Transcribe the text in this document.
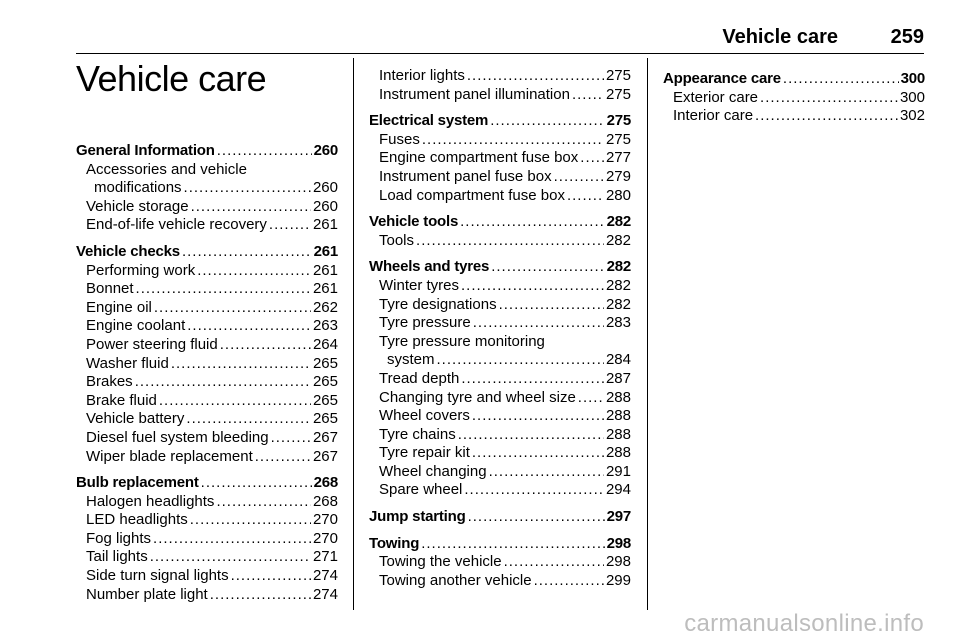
Vehicle care	259
Vehicle care
General Information .....	260
Accessories and vehicle
modifications .....	260
Vehicle storage .....	260
End-of-life vehicle recovery .....	261
Vehicle checks .....	261
Performing work .....	261
Bonnet .....	261
Engine oil .....	262
Engine coolant .....	263
Power steering fluid .....	264
Washer fluid .....	265
Brakes .....	265
Brake fluid .....	265
Vehicle battery .....	265
Diesel fuel system bleeding .....	267
Wiper blade replacement .....	267
Bulb replacement .....	268
Halogen headlights .....	268
LED headlights .....	270
Fog lights .....	270
Tail lights .....	271
Side turn signal lights .....	274
Number plate light .....	274
Interior lights .....	275
Instrument panel illumination ..... 275
Electrical system .....	275
Fuses .....	275
Engine compartment fuse box ..... 277
Instrument panel fuse box .....	279
Load compartment fuse box .....	280
Vehicle tools .....	282
Tools .....	282
Wheels and tyres .....	282
Winter tyres .....	282
Tyre designations .....	282
Tyre pressure .....	283
Tyre pressure monitoring
system .....	284
Tread depth .....	287
Changing tyre and wheel size ..... 288
Wheel covers .....	288
Tyre chains .....	288
Tyre repair kit .....	288
Wheel changing .....	291
Spare wheel .....	294
Jump starting .....	297
Towing .....	298
Towing the vehicle .....	298
Towing another vehicle .....	299
Appearance care .....	300
Exterior care .....	300
Interior care .....	302
carmanualsonline.info
